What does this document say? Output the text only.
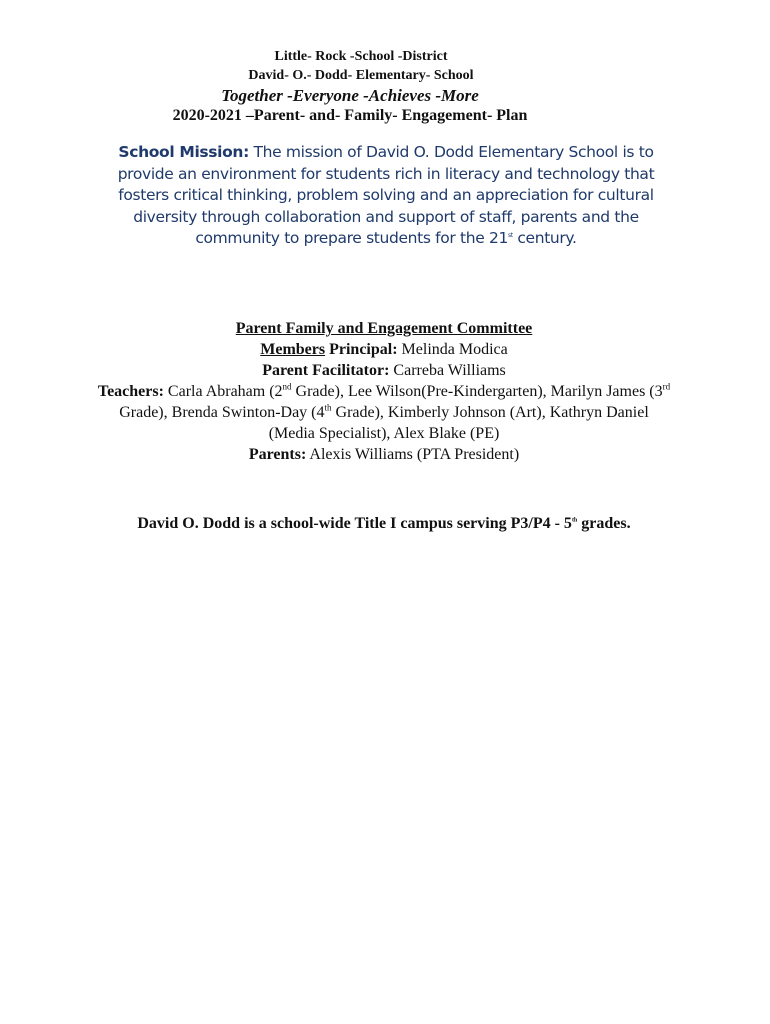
Little- Rock -School -District
David- O.- Dodd- Elementary- School
Together -Everyone -Achieves -More
2020-2021 –Parent- and- Family- Engagement- Plan
School Mission: The mission of David O. Dodd Elementary School is to provide an environment for students rich in literacy and technology that fosters critical thinking, problem solving and an appreciation for cultural diversity through collaboration and support of staff, parents and the community to prepare students for the 21st century.
Parent Family and Engagement Committee
Members Principal: Melinda Modica
Parent Facilitator: Carreba Williams
Teachers: Carla Abraham (2nd Grade), Lee Wilson(Pre-Kindergarten), Marilyn James (3rd Grade), Brenda Swinton-Day (4th Grade), Kimberly Johnson (Art), Kathryn Daniel (Media Specialist), Alex Blake (PE)
Parents: Alexis Williams (PTA President)
David O. Dodd is a school-wide Title I campus serving P3/P4 - 5th grades.
